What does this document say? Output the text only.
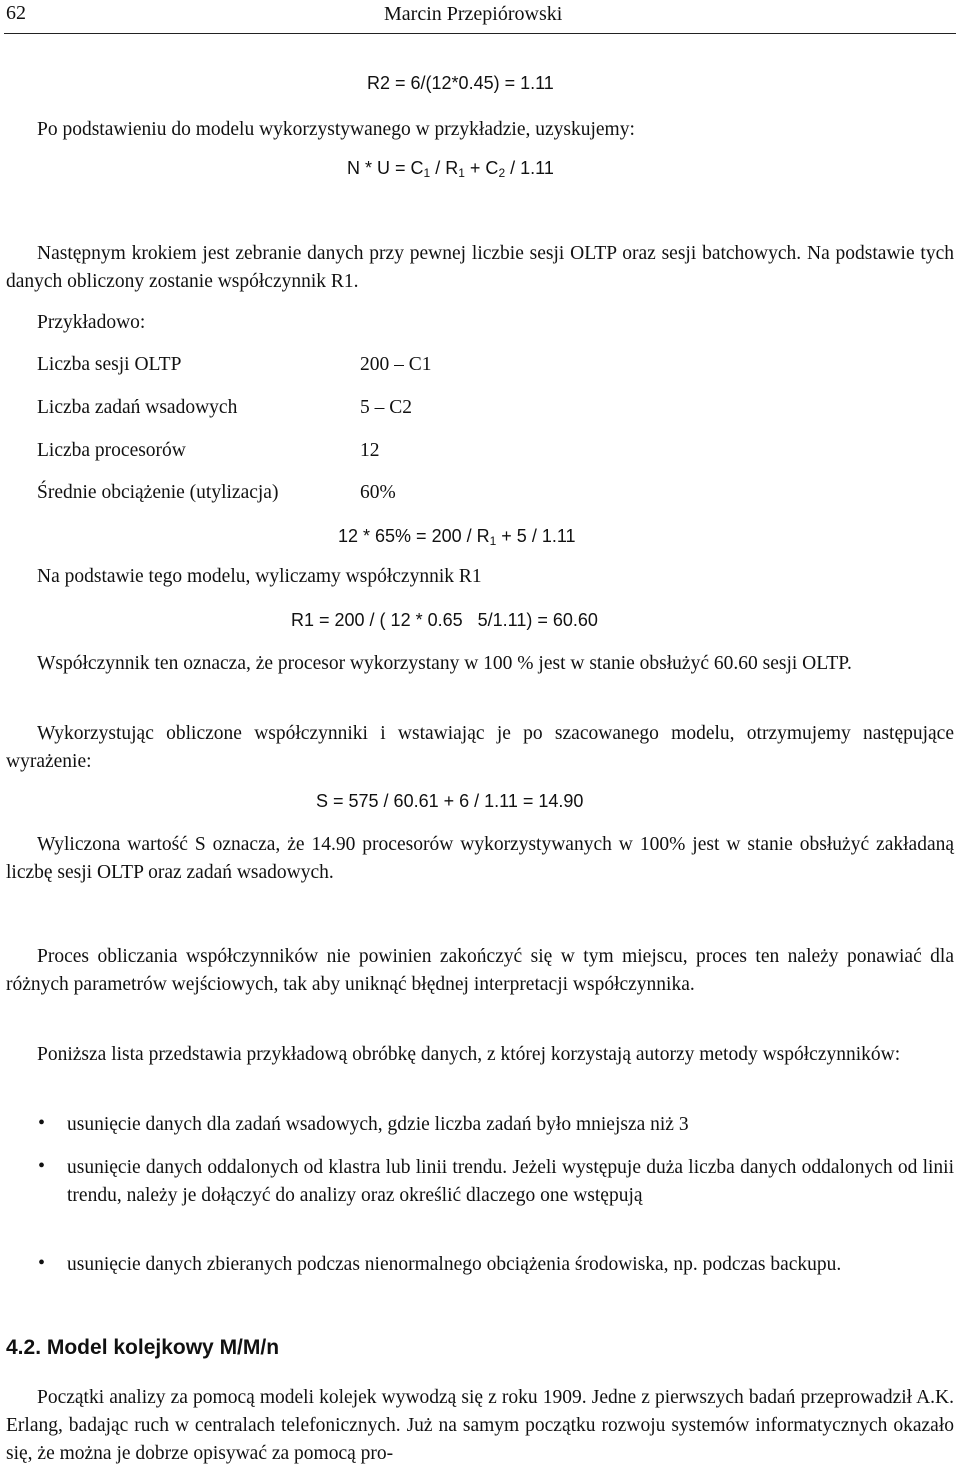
62	Marcin Przepiórowski
R2 = 6/(12*0.45) = 1.11
Po podstawieniu do modelu wykorzystywanego w przykładzie, uzyskujemy:
$N * U = C_1 / R_1 + C_2 / 1.11$
Następnym krokiem jest zebranie danych przy pewnej liczbie sesji OLTP oraz sesji batchowych. Na podstawie tych danych obliczony zostanie współczynnik R1.
Przykładowo:
Liczba sesji OLTP	200 – C1
Liczba zadań wsadowych	5 – C2
Liczba procesorów	12
Średnie obciążenie (utylizacja)	60%
$12 * 65\% = 200 / R_1 + 5 / 1.11$
Na podstawie tego modelu, wyliczamy współczynnik R1
R1 = 200 / ( 12 * 0.65   5/1.11) = 60.60
Współczynnik ten oznacza, że procesor wykorzystany w 100 % jest w stanie obsłużyć 60.60 sesji OLTP.
Wykorzystując obliczone współczynniki i wstawiając je po szacowanego modelu, otrzymujemy następujące wyrażenie:
S = 575 / 60.61 + 6 / 1.11 = 14.90
Wyliczona wartość S oznacza, że 14.90 procesorów wykorzystywanych w 100% jest w stanie obsłużyć zakładaną liczbę sesji OLTP oraz zadań wsadowych.
Proces obliczania współczynników nie powinien zakończyć się w tym miejscu, proces ten należy ponawiać dla różnych parametrów wejściowych, tak aby uniknąć błędnej interpretacji współczynnika.
Poniższa lista przedstawia przykładową obróbkę danych, z której korzystają autorzy metody współczynników:
• usunięcie danych dla zadań wsadowych, gdzie liczba zadań było mniejsza niż 3
• usunięcie danych oddalonych od klastra lub linii trendu. Jeżeli występuje duża liczba danych oddalonych od linii trendu, należy je dołączyć do analizy oraz określić dlaczego one wstępują
• usunięcie danych zbieranych podczas nienormalnego obciążenia środowiska, np. podczas backupu.
4.2. Model kolejkowy M/M/n
Początki analizy za pomocą modeli kolejek wywodzą się z roku 1909. Jedne z pierwszych badań przeprowadził A.K. Erlang, badając ruch w centralach telefonicznych. Już na samym początku rozwoju systemów informatycznych okazało się, że można je dobrze opisywać za pomocą pro-
